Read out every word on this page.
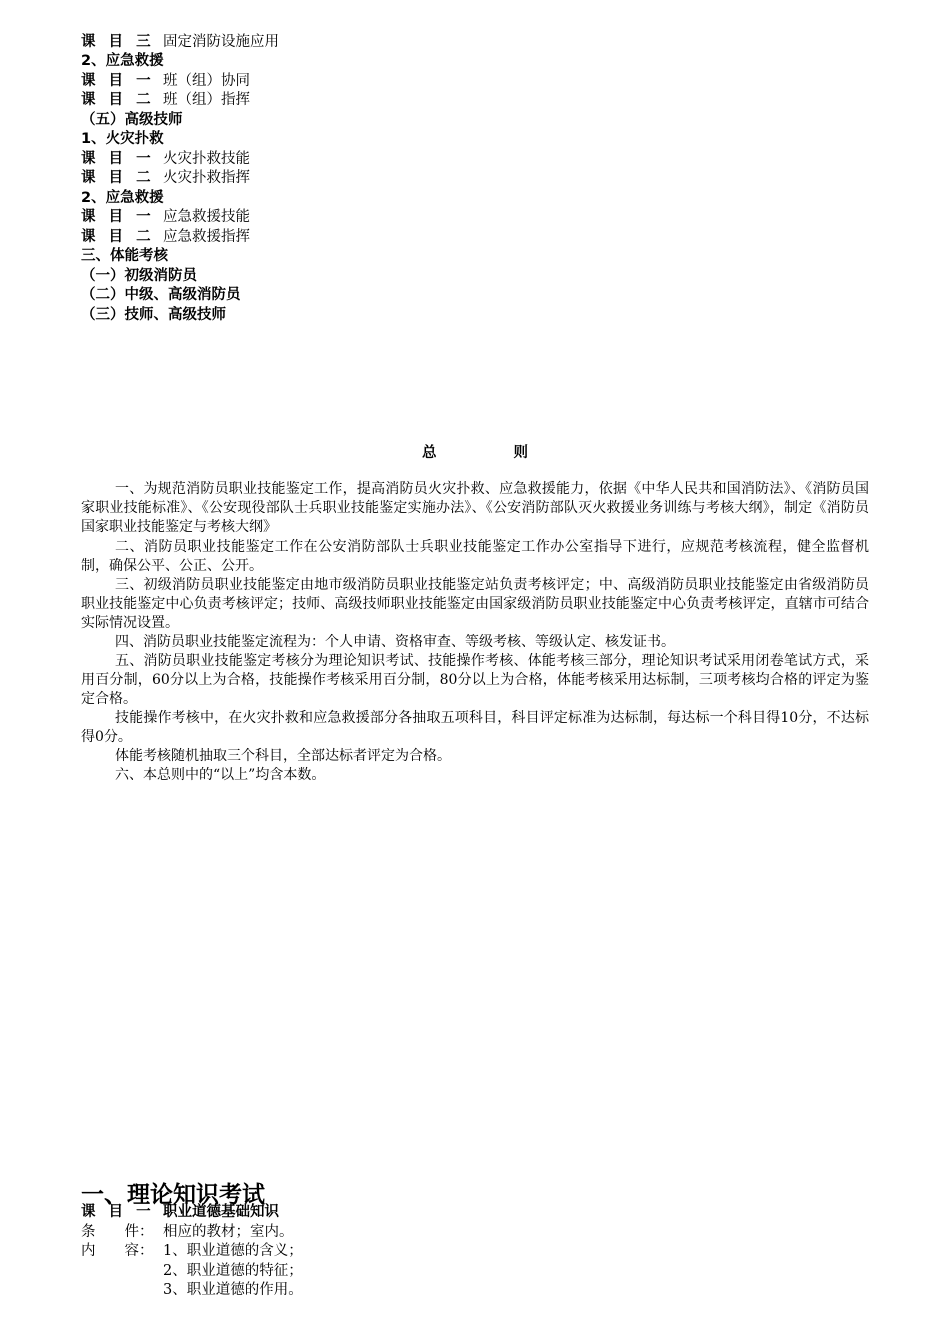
课 目 三 固定消防设施应用
2、应急救援
课 目 一 班（组）协同
课 目 二 班（组）指挥
（五）高级技师
1、火灾扑救
课 目 一 火灾扑救技能
课 目 二 火灾扑救指挥
2、应急救援
课 目 一 应急救援技能
课 目 二 应急救援指挥
三、体能考核
（一）初级消防员
（二）中级、高级消防员
（三）技师、高级技师
总 则
一、为规范消防员职业技能鉴定工作，提高消防员火灾扑救、应急救援能力，依据《中华人民共和国消防法》、《消防员国家职业技能标准》、《公安现役部队士兵职业技能鉴定实施办法》、《公安消防部队灭火救援业务训练与考核大纲》，制定《消防员国家职业技能鉴定与考核大纲》
二、消防员职业技能鉴定工作在公安消防部队士兵职业技能鉴定工作办公室指导下进行，应规范考核流程，健全监督机制，确保公平、公正、公开。
三、初级消防员职业技能鉴定由地市级消防员职业技能鉴定站负责考核评定；中、高级消防员职业技能鉴定由省级消防员职业技能鉴定中心负责考核评定；技师、高级技师职业技能鉴定由国家级消防员职业技能鉴定中心负责考核评定，直辖市可结合实际情况设置。
四、消防员职业技能鉴定流程为：个人申请、资格审查、等级考核、等级认定、核发证书。
五、消防员职业技能鉴定考核分为理论知识考试、技能操作考核、体能考核三部分，理论知识考试采用闭卷笔试方式，采用百分制，60分以上为合格，技能操作考核采用百分制，80分以上为合格，体能考核采用达标制，三项考核均合格的评定为鉴定合格。
技能操作考核中，在火灾扑救和应急救援部分各抽取五项科目，科目评定标准为达标制，每达标一个科目得10分，不达标得0分。
体能考核随机抽取三个科目，全部达标者评定为合格。
六、本总则中的“以上”均含本数。
一、理论知识考试
课 目 一 职业道德基础知识
条　　件： 相应的教材；室内。
内　　容： 1、职业道德的含义；
2、职业道德的特征；
3、职业道德的作用。
